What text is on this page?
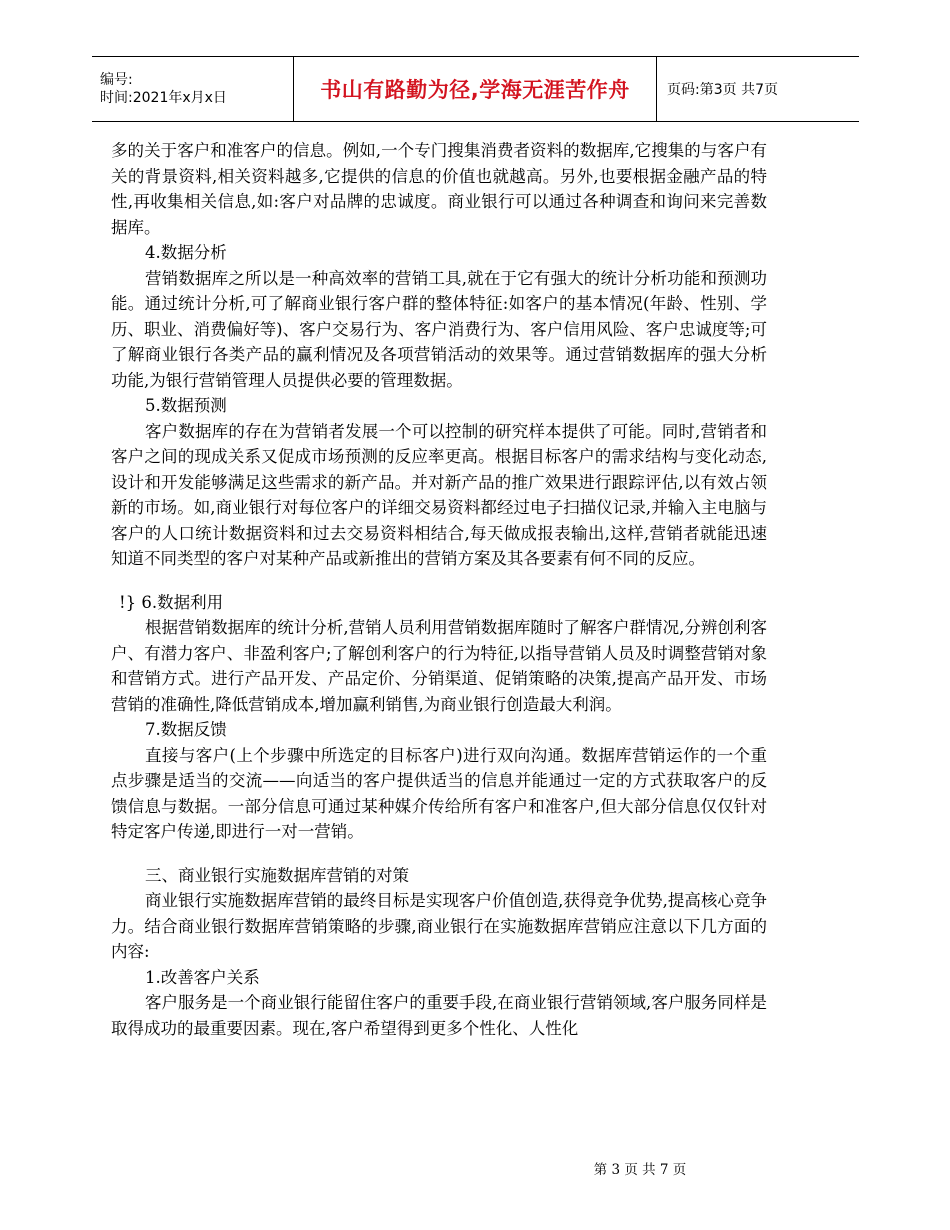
编号:
时间:2021年x月x日	书山有路勤为径,学海无涯苦作舟	页码:第3页 共7页

多的关于客户和准客户的信息。例如,一个专门搜集消费者资料的数据库,它搜集的与客户有关的背景资料,相关资料越多,它提供的信息的价值也就越高。另外,也要根据金融产品的特性,再收集相关信息,如:客户对品牌的忠诚度。商业银行可以通过各种调查和询问来完善数据库。

4.数据分析

营销数据库之所以是一种高效率的营销工具,就在于它有强大的统计分析功能和预测功能。通过统计分析,可了解商业银行客户群的整体特征:如客户的基本情况(年龄、性别、学历、职业、消费偏好等)、客户交易行为、客户消费行为、客户信用风险、客户忠诚度等;可了解商业银行各类产品的赢利情况及各项营销活动的效果等。通过营销数据库的强大分析功能,为银行营销管理人员提供必要的管理数据。

5.数据预测

客户数据库的存在为营销者发展一个可以控制的研究样本提供了可能。同时,营销者和客户之间的现成关系又促成市场预测的反应率更高。根据目标客户的需求结构与变化动态,设计和开发能够满足这些需求的新产品。并对新产品的推广效果进行跟踪评估,以有效占领新的市场。如,商业银行对每位客户的详细交易资料都经过电子扫描仪记录,并输入主电脑与客户的人口统计数据资料和过去交易资料相结合,每天做成报表输出,这样,营销者就能迅速知道不同类型的客户对某种产品或新推出的营销方案及其各要素有何不同的反应。

!} 6.数据利用

根据营销数据库的统计分析,营销人员利用营销数据库随时了解客户群情况,分辨创利客户、有潜力客户、非盈利客户;了解创利客户的行为特征,以指导营销人员及时调整营销对象和营销方式。进行产品开发、产品定价、分销渠道、促销策略的决策,提高产品开发、市场营销的准确性,降低营销成本,增加赢利销售,为商业银行创造最大利润。

7.数据反馈

直接与客户(上个步骤中所选定的目标客户)进行双向沟通。数据库营销运作的一个重点步骤是适当的交流——向适当的客户提供适当的信息并能通过一定的方式获取客户的反馈信息与数据。一部分信息可通过某种媒介传给所有客户和准客户,但大部分信息仅仅针对特定客户传递,即进行一对一营销。

三、商业银行实施数据库营销的对策

商业银行实施数据库营销的最终目标是实现客户价值创造,获得竞争优势,提高核心竞争力。结合商业银行数据库营销策略的步骤,商业银行在实施数据库营销应注意以下几方面的内容:

1.改善客户关系

客户服务是一个商业银行能留住客户的重要手段,在商业银行营销领域,客户服务同样是取得成功的最重要因素。现在,客户希望得到更多个性化、人性化

第 3 页 共 7 页
